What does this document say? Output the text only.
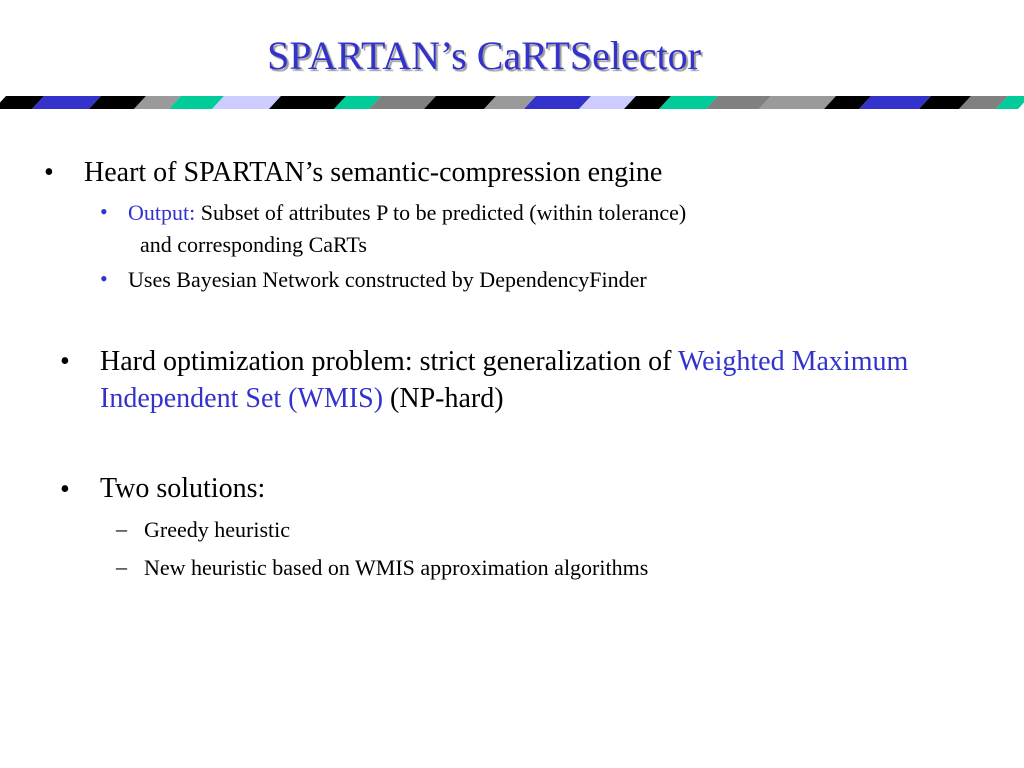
SPARTAN’s CaRTSelector
• Heart of SPARTAN’s semantic-compression engine
• Output: Subset of attributes P to be predicted (within tolerance)
and corresponding CaRTs
• Uses Bayesian Network constructed by DependencyFinder
• Hard optimization problem: strict generalization of Weighted Maximum Independent Set (WMIS) (NP-hard)
• Two solutions:
– Greedy heuristic
– New heuristic based on WMIS approximation algorithms
